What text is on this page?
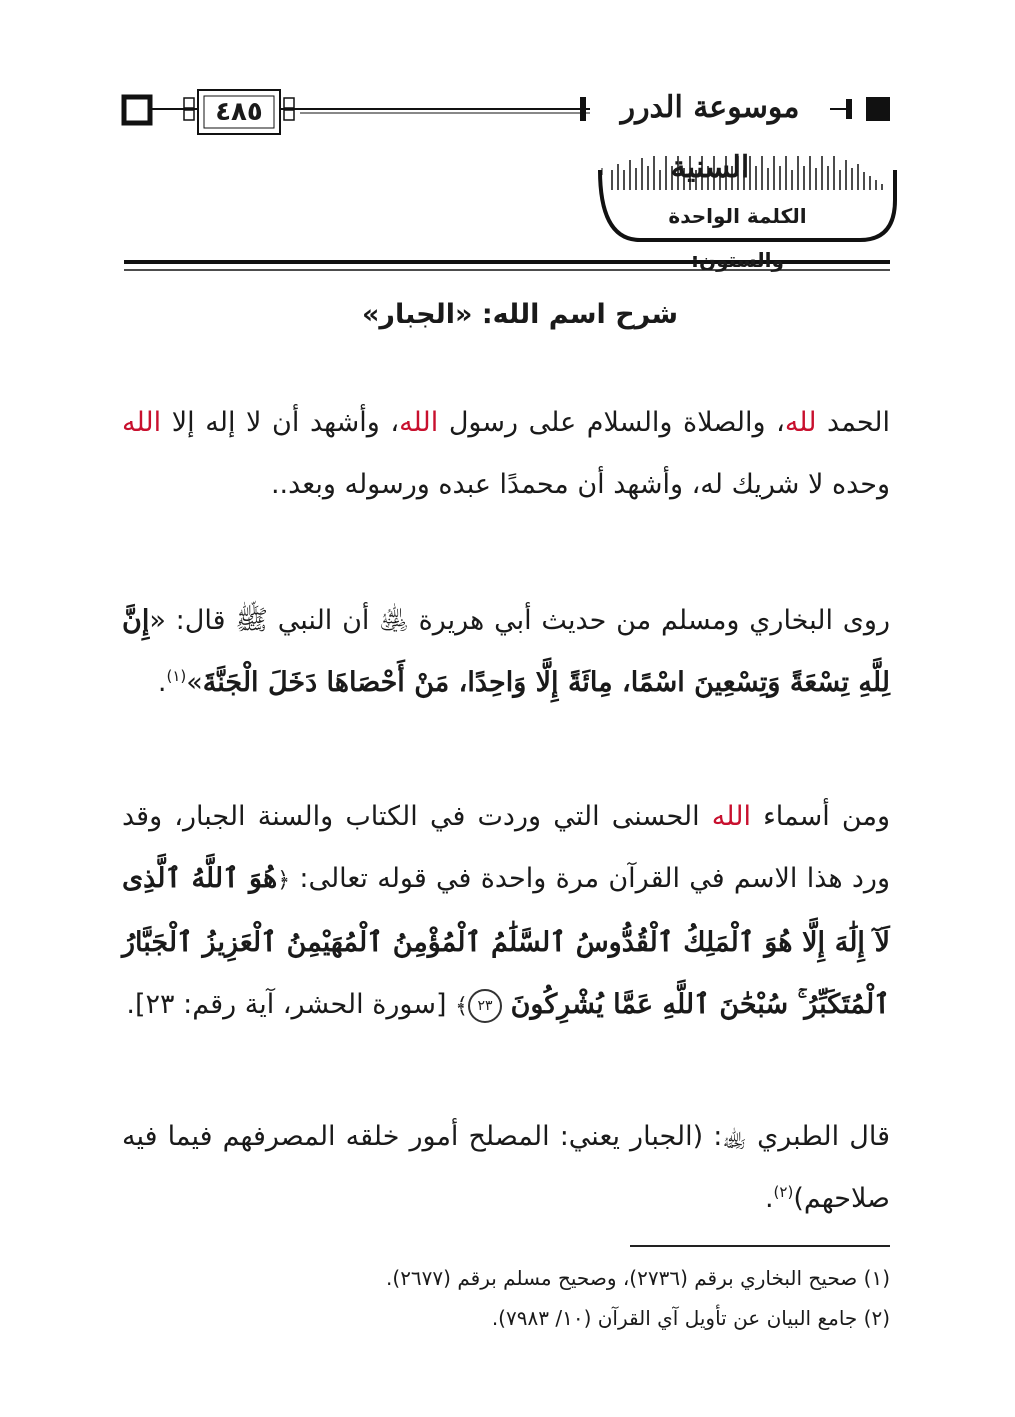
٤٨٥	موسوعة الدرر السنية
الكلمة الواحدة والستون:
شرح اسم الله: «الجبار»
الحمد لله، والصلاة والسلام على رسول الله، وأشهد أن لا إله إلا الله وحده لا شريك له، وأشهد أن محمدًا عبده ورسوله وبعد..
روى البخاري ومسلم من حديث أبي هريرة ﵁ أن النبي ﷺ قال: «إِنَّ لِلَّهِ تِسْعَةً وَتِسْعِينَ اسْمًا، مِائَةً إِلَّا وَاحِدًا، مَنْ أَحْصَاهَا دَخَلَ الْجَنَّةَ»$^{(١)}$.
ومن أسماء الله الحسنى التي وردت في الكتاب والسنة الجبار، وقد ورد هذا الاسم في القرآن مرة واحدة في قوله تعالى: ﴿هُوَ ٱللَّهُ ٱلَّذِى لَآ إِلَٰهَ إِلَّا هُوَ ٱلْمَلِكُ ٱلْقُدُّوسُ ٱلسَّلَٰمُ ٱلْمُؤْمِنُ ٱلْمُهَيْمِنُ ٱلْعَزِيزُ ٱلْجَبَّارُ ٱلْمُتَكَبِّرُ ۚ سُبْحَٰنَ ٱللَّهِ عَمَّا يُشْرِكُونَ ٢٣﴾ [سورة الحشر، آية رقم: ٢٣].
قال الطبري ﵀: (الجبار يعني: المصلح أمور خلقه المصرفهم فيما فيه صلاحهم)$^{(٢)}$.
(١) صحيح البخاري برقم (٢٧٣٦)، وصحيح مسلم برقم (٢٦٧٧).
(٢) جامع البيان عن تأويل آي القرآن (١٠/ ٧٩٨٣).
